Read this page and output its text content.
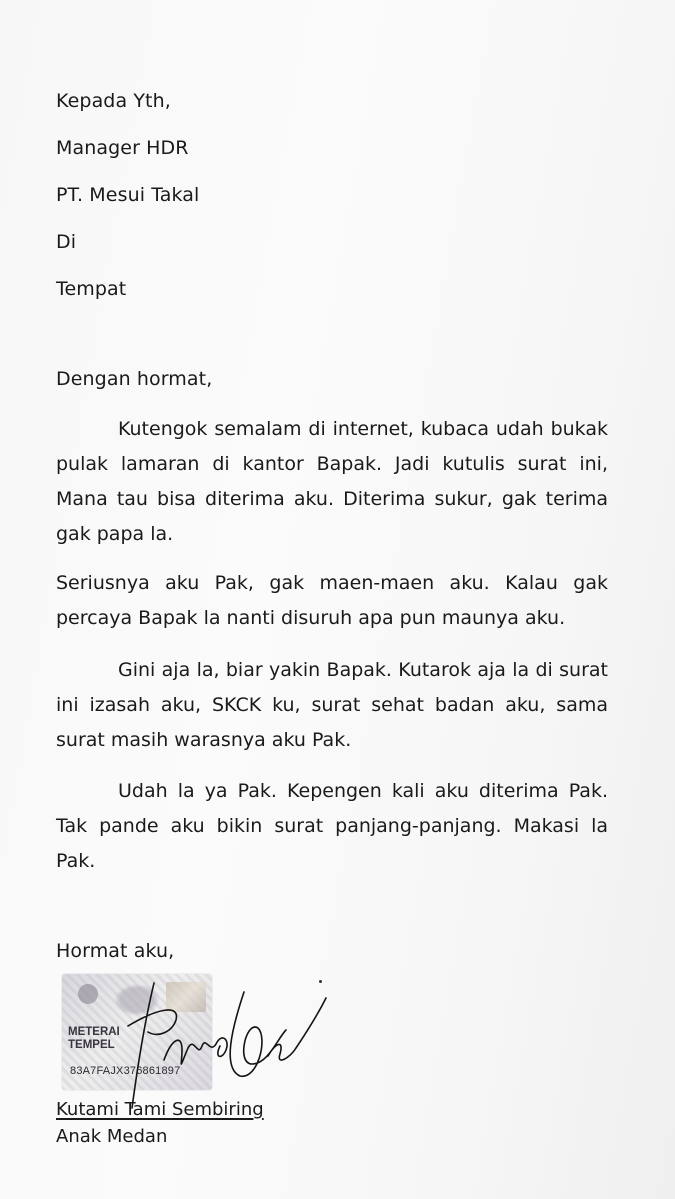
Kepada Yth,
Manager HDR
PT. Mesui Takal
Di
Tempat
Dengan hormat,

Kutengok semalam di internet, kubaca udah bukak pulak lamaran di kantor Bapak. Jadi kutulis surat ini, Mana tau bisa diterima aku. Diterima sukur, gak terima gak papa la.

Seriusnya aku Pak, gak maen-maen aku. Kalau gak percaya Bapak la nanti disuruh apa pun maunya aku.

Gini aja la, biar yakin Bapak. Kutarok aja la di surat ini izasah aku, SKCK ku, surat sehat badan aku, sama surat masih warasnya aku Pak.

Udah la ya Pak. Kepengen kali aku diterima Pak. Tak pande aku bikin surat panjang-panjang. Makasi la Pak.

Hormat aku,
METERAI
TEMPEL
83A7FAJX376861897
Kutami Tami Sembiring
Anak Medan
